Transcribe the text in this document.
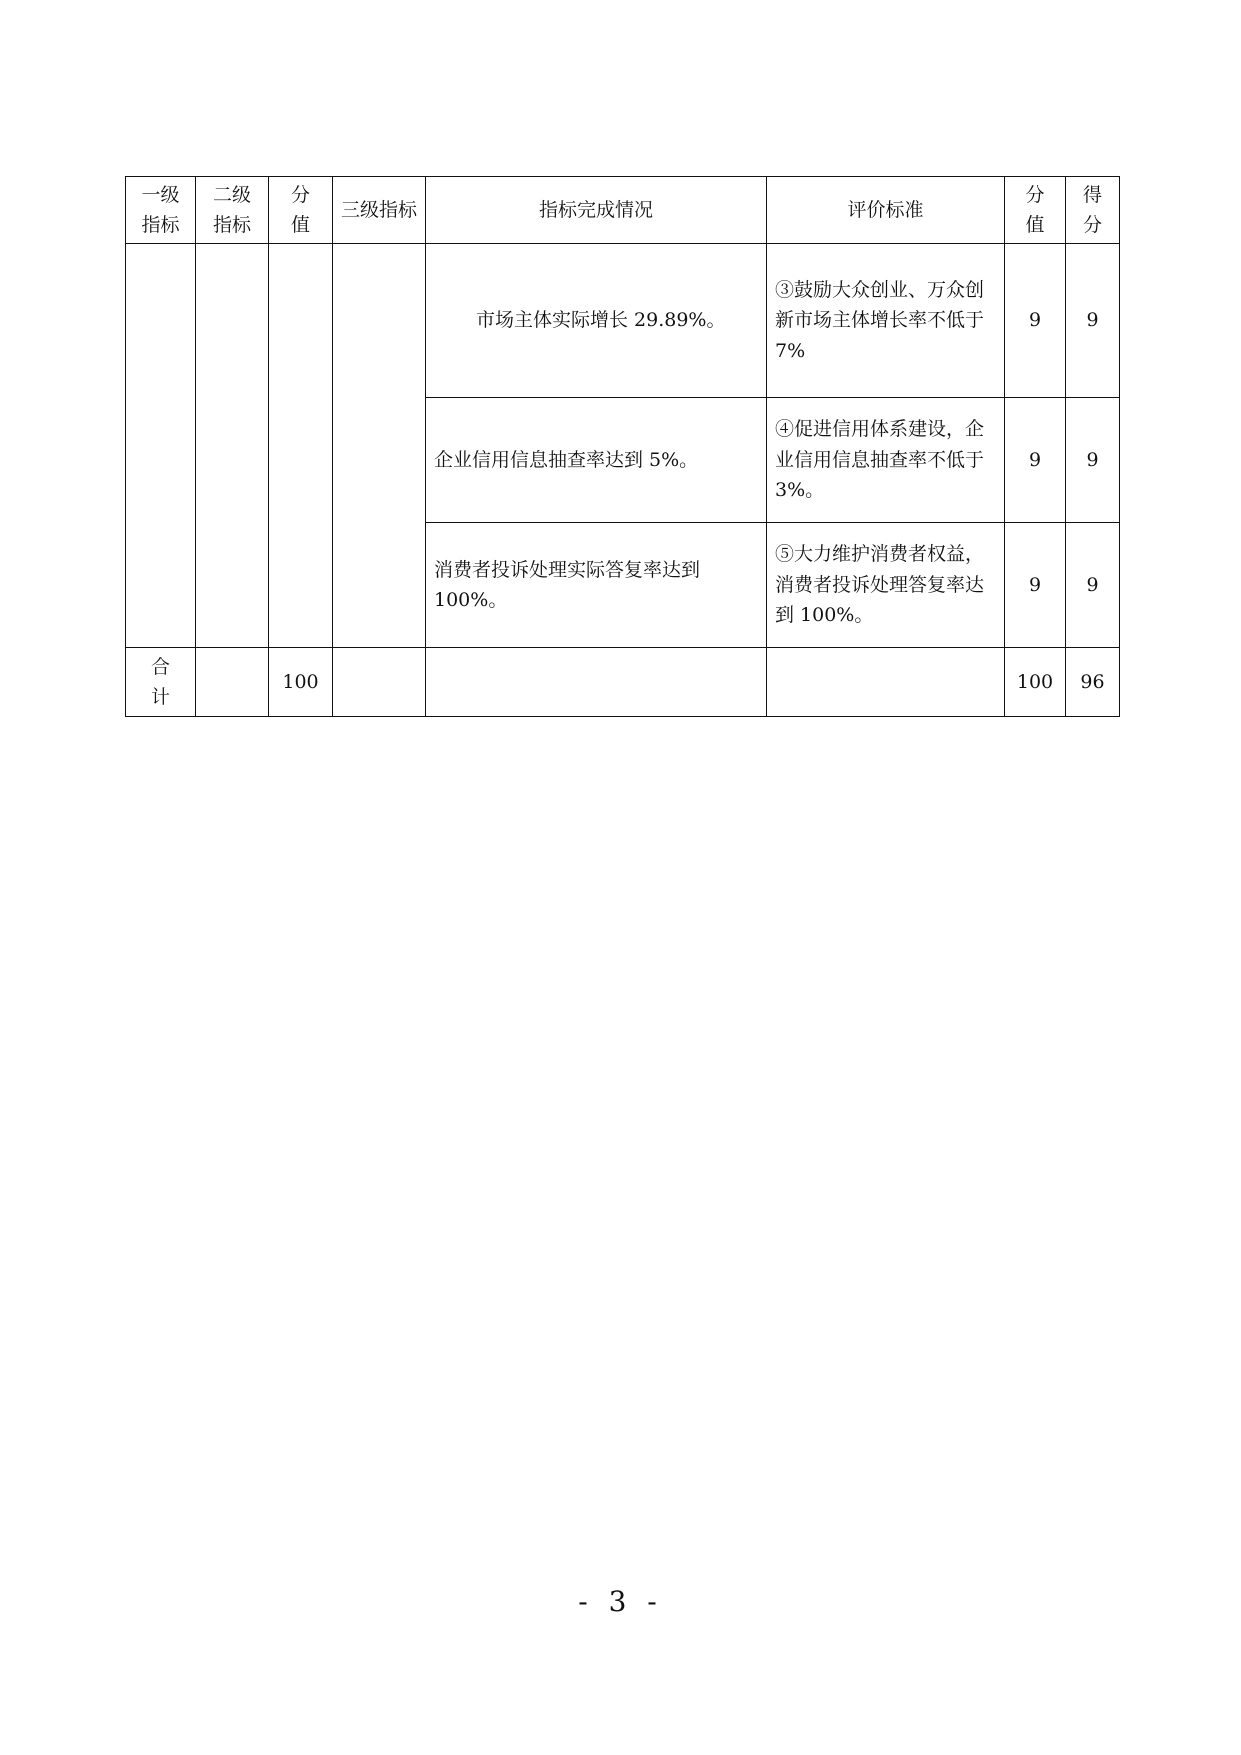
一级指标	二级指标	分值	三级指标	指标完成情况	评价标准	分值	得分
				市场主体实际增长 29.89%。	③鼓励大众创业、万众创新市场主体增长率不低于 7%	9	9
				企业信用信息抽查率达到 5%。	④促进信用体系建设，企业信用信息抽查率不低于 3%。	9	9
				消费者投诉处理实际答复率达到 100%。	⑤大力维护消费者权益，消费者投诉处理答复率达到 100%。	9	9
合计		100				100	96
- 3 -
